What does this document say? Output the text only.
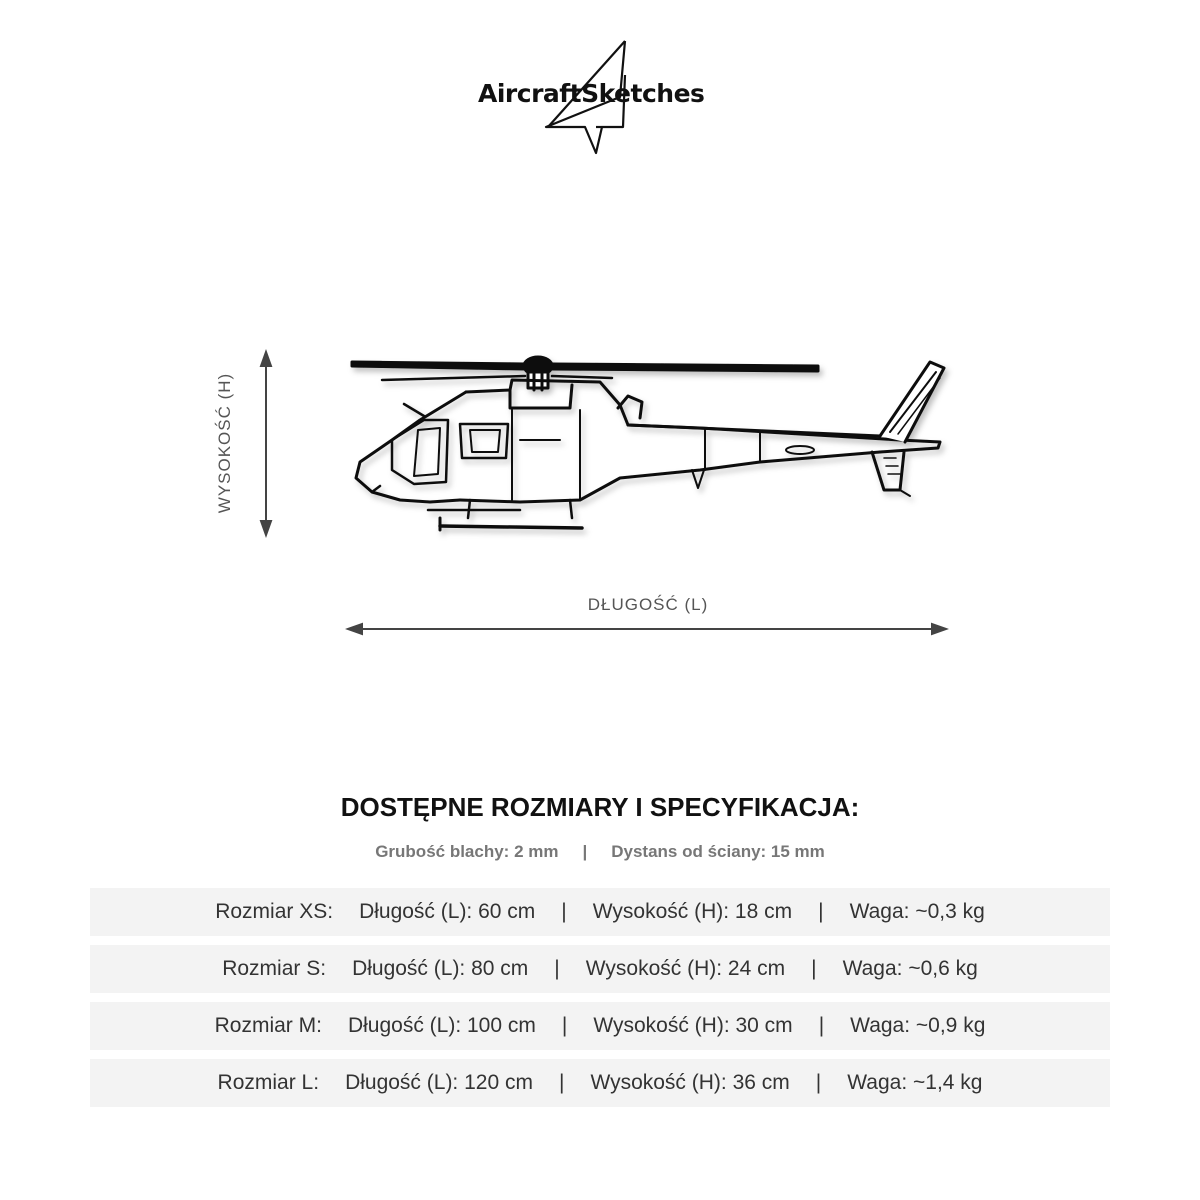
AircraftSketches
WYSOKOŚĆ (H)
DŁUGOŚĆ (L)
DOSTĘPNE ROZMIARY I SPECYFIKACJA:
Grubość blachy: 2 mm | Dystans od ściany: 15 mm
Rozmiar XS: Długość (L): 60 cm | Wysokość (H): 18 cm | Waga: ~0,3 kg
Rozmiar S: Długość (L): 80 cm | Wysokość (H): 24 cm | Waga: ~0,6 kg
Rozmiar M: Długość (L): 100 cm | Wysokość (H): 30 cm | Waga: ~0,9 kg
Rozmiar L: Długość (L): 120 cm | Wysokość (H): 36 cm | Waga: ~1,4 kg
